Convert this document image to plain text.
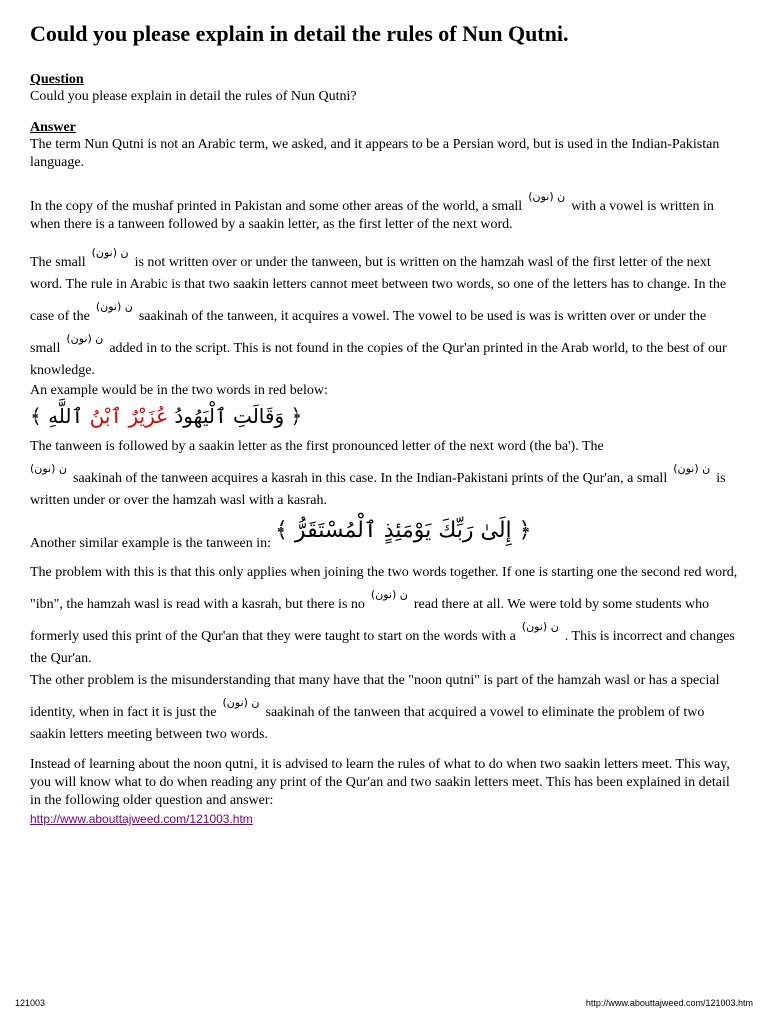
Could you please explain in detail the rules of Nun Qutni.
Question

Could you please explain in detail the rules of Nun Qutni?

Answer

The term Nun Qutni is not an Arabic term, we asked, and it appears to be a Persian word, but is used in the Indian-Pakistan language.

In the copy of the mushaf printed in Pakistan and some other areas of the world, a smallن (نون)with a vowel is written in when there is a tanween followed by a saakin letter, as the first letter of the next word.

The smallن (نون)is not written over or under the tanween, but is written on the hamzah wasl of the first letter of the next word. The rule in Arabic is that two saakin letters cannot meet between two words, so one of the letters has to change. In the case of theن (نون)saakinah of the tanween, it acquires a vowel. The vowel to be used is was is written over or under the smallن (نون)added in to the script. This is not found in the copies of the Qur'an printed in the Arab world, to the best of our knowledge.

An example would be in the two words in red below:

﴿ وَقَالَتِ ٱلْيَهُودُ عُزَيْرٌ ٱبْنُ ٱللَّهِ ﴾

The tanween is followed by a saakin letter as the first pronounced letter of the next word (the ba'). The
ن (نون)saakinah of the tanween acquires a kasrah in this case. In the Indian-Pakistani prints of the Qur'an, a smallن (نون)is written under or over the hamzah wasl with a kasrah.

Another similar example is the tanween in: ﴿ إِلَىٰ رَبِّكَ يَوْمَئِذٍ ٱلْمُسْتَقَرُّ ﴾

The problem with this is that this only applies when joining the two words together. If one is starting one the second red word, "ibn", the hamzah wasl is read with a kasrah, but there is noن (نون)read there at all. We were told by some students who formerly used this print of the Qur'an that they were taught to start on the words with aن (نون). This is incorrect and changes the Qur'an.

The other problem is the misunderstanding that many have that the "noon qutni" is part of the hamzah wasl or has a special identity, when in fact it is just theن (نون)saakinah of the tanween that acquired a vowel to eliminate the problem of two saakin letters meeting between two words.

Instead of learning about the noon qutni, it is advised to learn the rules of what to do when two saakin letters meet. This way, you will know what to do when reading any print of the Qur'an and two saakin letters meet. This has been explained in detail in the following older question and answer:

http://www.abouttajweed.com/121003.htm
121003	http://www.abouttajweed.com/121003.htm
